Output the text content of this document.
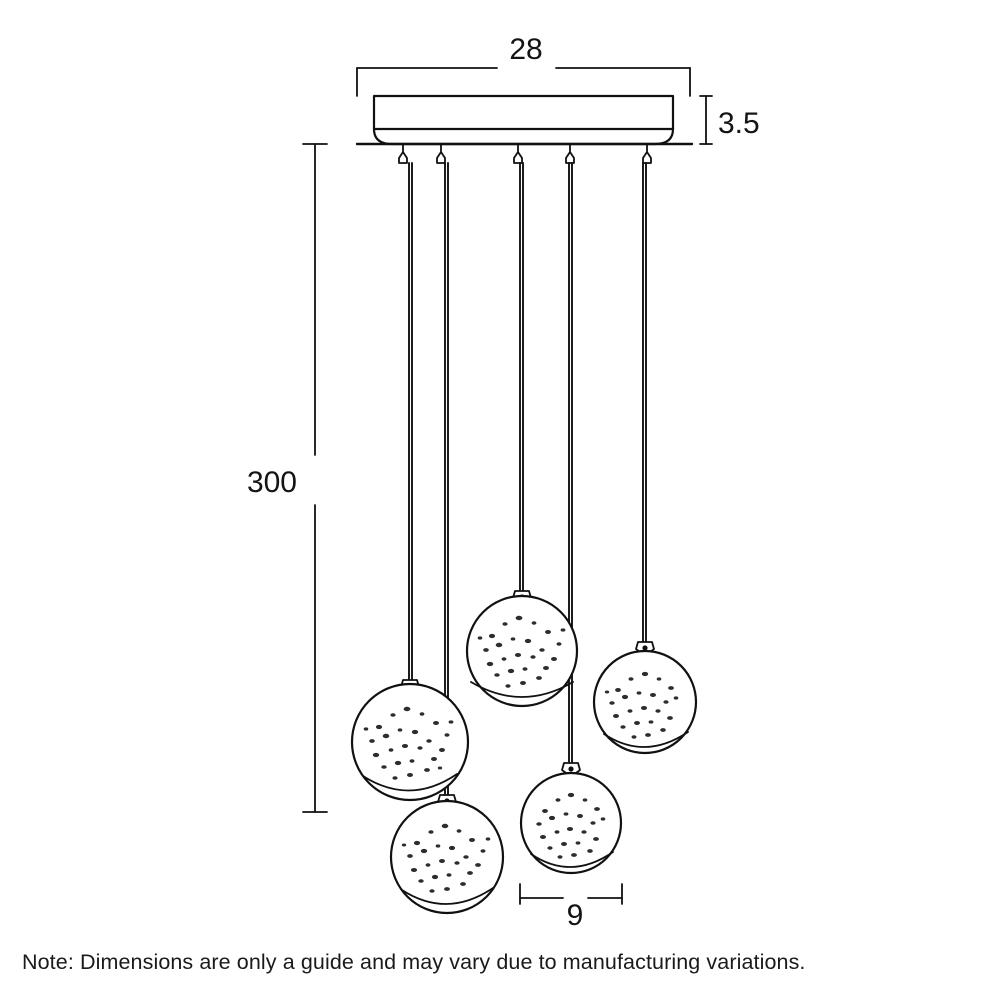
28
3.5
300
9
Note: Dimensions are only a guide and may vary due to manufacturing variations.
